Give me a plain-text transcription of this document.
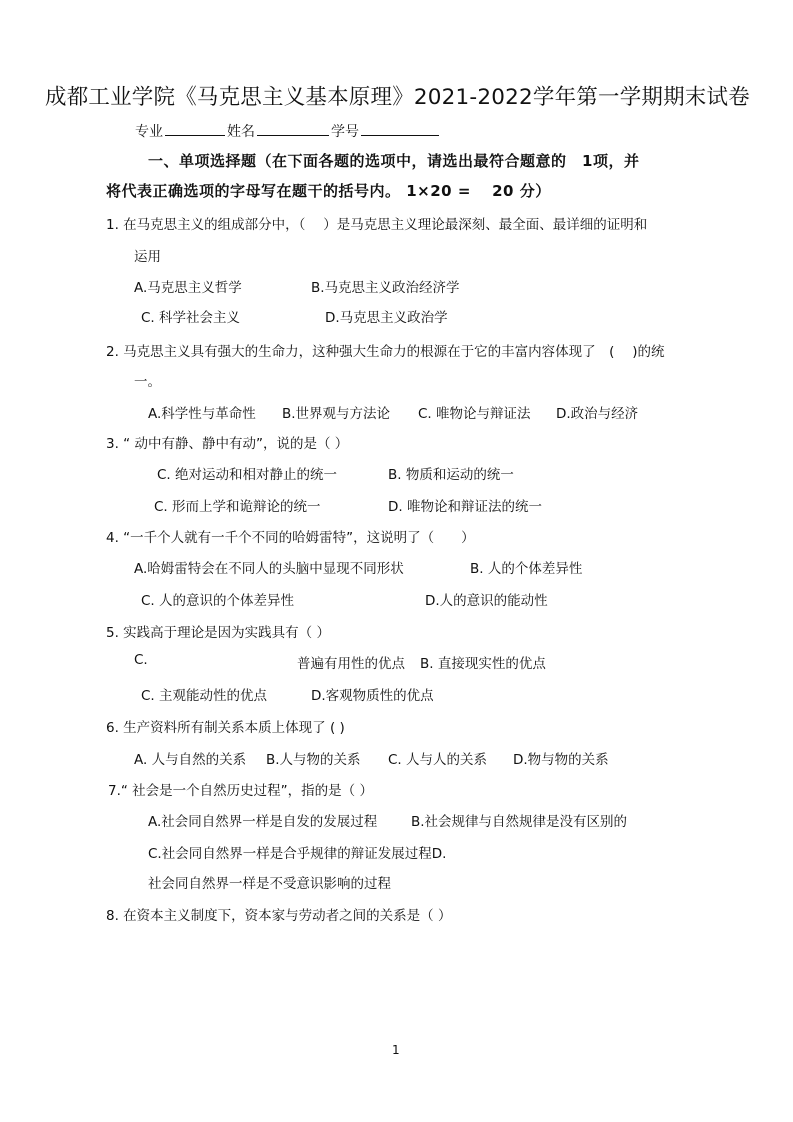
成都工业学院《马克思主义基本原理》2021-2022学年第一学期期末试卷
专业	姓名	学号
一、单项选择题（在下面各题的选项中，请选出最符合题意的　1项，并
将代表正确选项的字母写在题干的括号内。 1×20 =　 20 分）
1. 在马克思主义的组成部分中，（　 ）是马克思主义理论最深刻、最全面、最详细的证明和
运用
A.马克思主义哲学	B.马克思主义政治经济学
C. 科学社会主义	D.马克思主义政治学
2. 马克思主义具有强大的生命力，这种强大生命力的根源在于它的丰富内容体现了　(　 )的统
一。
A.科学性与革命性 B.世界观与方法论 C. 唯物论与辩证法 D.政治与经济
3. “ 动中有静、静中有动”，说的是（ ）
C. 绝对运动和相对静止的统一	B. 物质和运动的统一
C. 形而上学和诡辩论的统一	D. 唯物论和辩证法的统一
4. “一千个人就有一千个不同的哈姆雷特”，这说明了（　　）
A.哈姆雷特会在不同人的头脑中显现不同形状	B. 人的个体差异性
C. 人的意识的个体差异性	D.人的意识的能动性
5. 实践高于理论是因为实践具有（ ）
C.	普遍有用性的优点 B. 直接现实性的优点
C. 主观能动性的优点	D.客观物质性的优点
6. 生产资料所有制关系本质上体现了 ( )
A. 人与自然的关系 B.人与物的关系 C. 人与人的关系 D.物与物的关系
7.“ 社会是一个自然历史过程”，指的是（ ）
A.社会同自然界一样是自发的发展过程 B.社会规律与自然规律是没有区别的
C.社会同自然界一样是合乎规律的辩证发展过程D.
社会同自然界一样是不受意识影响的过程
8. 在资本主义制度下，资本家与劳动者之间的关系是（ ）
1
